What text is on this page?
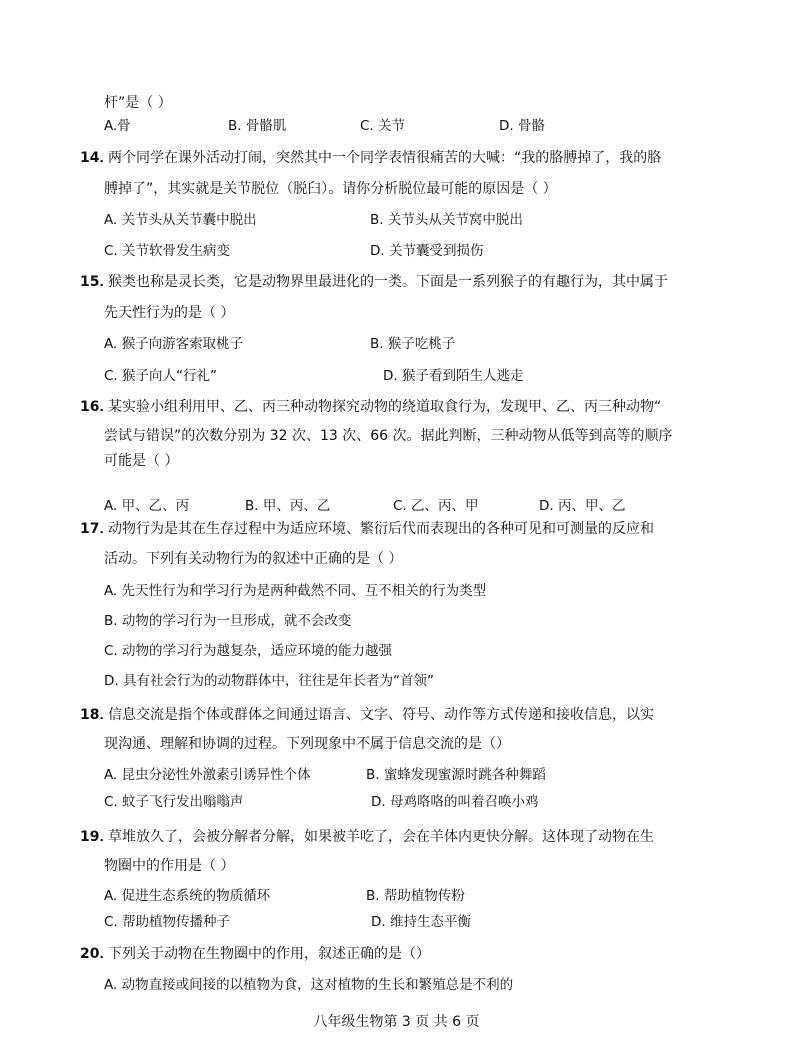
杆”是（ ）
A.骨	B. 骨骼肌	C. 关节	D. 骨骼
14．
两个同学在课外活动打闹，突然其中一个同学表情很痛苦的大喊：“我的胳膊掉了，我的胳
膊掉了”，其实就是关节脱位（脱臼）。请你分析脱位最可能的原因是（ ）
A. 关节头从关节囊中脱出	B. 关节头从关节窝中脱出
C. 关节软骨发生病变	D. 关节囊受到损伤
15．
猴类也称是灵长类，它是动物界里最进化的一类。下面是一系列猴子的有趣行为，其中属于
先天性行为的是（ ）
A. 猴子向游客索取桃子	B. 猴子吃桃子
C. 猴子向人“行礼”	D. 猴子看到陌生人逃走
16．
某实验小组利用甲、乙、丙三种动物探究动物的绕道取食行为，发现甲、乙、丙三种动物“
尝试与错误”的次数分别为 32 次、13 次、66 次。据此判断，三种动物从低等到高等的顺序
可能是（ ）
A. 甲、乙、丙	B. 甲、丙、乙	C. 乙、丙、甲	D. 丙、甲、乙
17．
动物行为是其在生存过程中为适应环境、繁衍后代而表现出的各种可见和可测量的反应和
活动。下列有关动物行为的叙述中正确的是（ ）
A. 先天性行为和学习行为是两种截然不同、互不相关的行为类型
B. 动物的学习行为一旦形成，就不会改变
C. 动物的学习行为越复杂，适应环境的能力越强
D. 具有社会行为的动物群体中，往往是年长者为“首领”
18．
信息交流是指个体或群体之间通过语言、文字、符号、动作等方式传递和接收信息，以实
现沟通、理解和协调的过程。下列现象中不属于信息交流的是（）
A. 昆虫分泌性外激素引诱异性个体	B. 蜜蜂发现蜜源时跳各种舞蹈
C. 蚊子飞行发出嗡嗡声	D. 母鸡咯咯的叫着召唤小鸡
19．
草堆放久了，会被分解者分解，如果被羊吃了，会在羊体内更快分解。这体现了动物在生
物圈中的作用是（ ）
A. 促进生态系统的物质循环	B. 帮助植物传粉
C. 帮助植物传播种子	D. 维持生态平衡
20．
下列关于动物在生物圈中的作用，叙述正确的是（）
A. 动物直接或间接的以植物为食，这对植物的生长和繁殖总是不利的
八年级生物第 3 页 共 6 页
